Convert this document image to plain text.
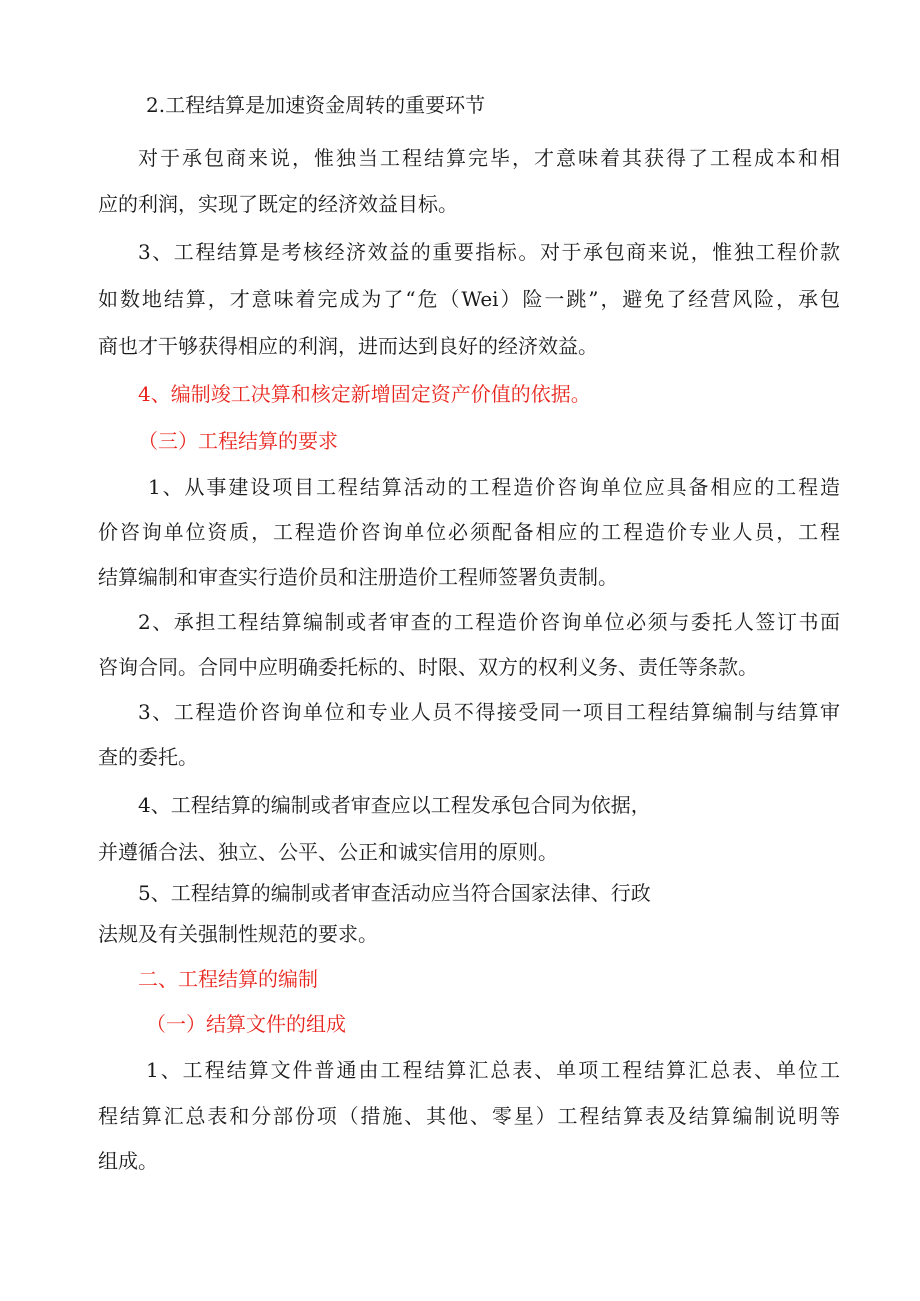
2.工程结算是加速资金周转的重要环节
对于承包商来说，惟独当工程结算完毕，才意味着其获得了工程成本和相
应的利润，实现了既定的经济效益目标。
3、工程结算是考核经济效益的重要指标。对于承包商来说，惟独工程价款
如数地结算，才意味着完成为了“危（Wei）险一跳”，避免了经营风险，承包
商也才干够获得相应的利润，进而达到良好的经济效益。
4、编制竣工决算和核定新增固定资产价值的依据。
（三）工程结算的要求
1、从事建设项目工程结算活动的工程造价咨询单位应具备相应的工程造
价咨询单位资质，工程造价咨询单位必须配备相应的工程造价专业人员，工程
结算编制和审查实行造价员和注册造价工程师签署负责制。
2、承担工程结算编制或者审查的工程造价咨询单位必须与委托人签订书面
咨询合同。合同中应明确委托标的、时限、双方的权利义务、责任等条款。
3、工程造价咨询单位和专业人员不得接受同一项目工程结算编制与结算审
查的委托。
4、工程结算的编制或者审查应以工程发承包合同为依据，
并遵循合法、独立、公平、公正和诚实信用的原则。
5、工程结算的编制或者审查活动应当符合国家法律、行政
法规及有关强制性规范的要求。
二、工程结算的编制
（一）结算文件的组成
1、工程结算文件普通由工程结算汇总表、单项工程结算汇总表、单位工
程结算汇总表和分部份项（措施、其他、零星）工程结算表及结算编制说明等
组成。
